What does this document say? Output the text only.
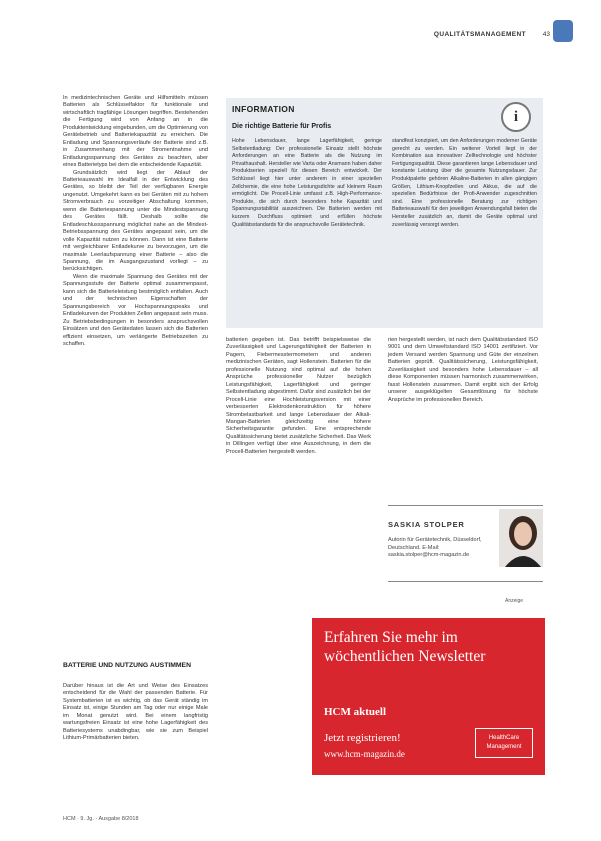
QUALITÄTSMANAGEMENT	43

In medizintechnischen Geräte und Hilfsmitteln müssen Batterien als Schlüsselfaktor für funktionale und wirtschaftlich tragfähige Lösungen begriffen. Bestehenden die Fertigung wird von Anfang an in die Produktentwicklung eingebunden, um die Optimierung von Gerätebetrieb und Batteriekapazität zu erreichen. Die Entladung und Spannungsverläufe der Batterie sind z.B. in Zusammenhang mit der Stromentnahme und Entladungsspannung des Gerätes zu beachten, aber eines Batterietyps bei dem die entscheidende Kapazität.

Grundsätzlich wird liegt der Ablauf der Batterieauswahl im Idealfall in der Entwicklung des Gerätes, so bleibt der Teil der verfügbaren Energie ungenutzt. Umgekehrt kann es bei Geräten mit zu hohem Stromverbrauch zu vorzeitiger Abschaltung kommen, wenn die Batteriespannung unter die Mindestspannung des Gerätes fällt. Deshalb sollte die Entladeschlussspannung möglichst nahe an die Mindest-Betriebsspannung des Gerätes angepasst sein, um die volle Kapazität nutzen zu können. Dann ist eine Batterie mit vergleichbarer Entladekurve zu bevorzugen, um die maximale Leerlaufspannung einer Batterie – also die Spannung, die im Ausgangszustand vorliegt – zu berücksichtigen.

Wenn die maximale Spannung des Gerätes mit der Spannungsstufe der Batterie optimal zusammenpasst, kann sich die Batterieleistung bestmöglich entfalten. Auch und der technischen Eigenschaften der Spannungsbereich vor Hochspannungspeaks und Entladekurven der Produkten Zellen angepasst sein muss. Zu Betriebsbedingungen in besonders anspruchsvollen Einsätzen und den Gerätedaten lassen sich die Batterien effizient einsetzen, um verlängerte Betriebszeiten zu schaffen.

BATTERIE UND NUTZUNG AUSTIMMEN
Darüber hinaus ist die Art und Weise des Einsatzes entscheidend für die Wahl der passenden Batterie. Für Systembatterien ist es wichtig, ob das Gerät ständig im Einsatz ist, einige Stunden am Tag oder nur einige Male im Monat genutzt wird. Bei einem langfristig wartungsfreien Einsatz ist eine hohe Lagerfähigkeit des Batteriesystems unabdingbar, wie sie zum Beispiel Lithium-Primärbatterien bieten.
INFORMATION	i
Die richtige Batterie für Profis
Hohe Lebensdauer, lange Lagerfähigkeit, geringe Selbstentladung: Der professionelle Einsatz stellt höchste Anforderungen an eine Batterie als die Nutzung im Privathaushalt. Hersteller wie Varta oder Ansmann haben daher Produktserien speziell für diesen Bereich entwickelt. Der Schlüssel liegt hier unter anderem in einer speziellen Zellchemie, die eine hohe Leistungsdichte auf kleinem Raum ermöglicht. Die Procell-Linie umfasst z.B. High-Performance-Produkte, die sich durch besonders hohe Kapazität und Spannungsstabilität auszeichnen. Die Batterien werden mit kurzem Durchfluss optimiert und erfüllen höchste Qualitätsstandards für die anspruchsvolle Gerätetechnik.
standfest konzipiert, um den Anforderungen moderner Geräte gerecht zu werden. Ein weiterer Vorteil liegt in der Kombination aus innovativer Zelltechnologie und höchster Fertigungsqualität. Diese garantieren lange Lebensdauer und konstante Leistung über die gesamte Nutzungsdauer. Zur Produktpalette gehören Alkaline-Batterien in allen gängigen Größen, Lithium-Knopfzellen und Akkus, die auf die speziellen Bedürfnisse der Profi-Anwender zugeschnitten sind. Eine professionelle Beratung zur richtigen Batterieauswahl für den jeweiligen Anwendungsfall bieten die Hersteller zusätzlich an, damit die Geräte optimal und zuverlässig versorgt werden.
batterien gegeben ist. Das betrifft beispielsweise die Zuverlässigkeit und Lagerungsfähigkeit der Batterien in Pagern, Fiebermesstermometern und anderen medizinischen Geräten, sagt Hollenstein. Batterien für die professionelle Nutzung sind optimal auf die hohen Ansprüche professioneller Nutzer bezüglich Leistungsfähigkeit, Lagerfähigkeit und geringer Selbstentladung abgestimmt. Dafür sind zusätzlich bei der Procell-Linie eine Hochleistungsversion mit einer verbesserten Elektrodenkonstruktion für höhere Strombelastbarkeit und lange Lebensdauer der Alkali-Mangan-Batterien gleichzeitig eine höhere Sicherheitsgarantie gefunden. Eine entsprechende Qualitätssicherung bietet zusätzliche Sicherheit. Das Werk in Dillingen verfügt über eine Auszeichnung, in dem die Procell-Batterien hergestellt werden.
rien hergestellt werden, ist nach dem Qualitätsstandard ISO 9001 und dem Umweltstandard ISO 14001 zertifiziert. Vor jedem Versand werden Spannung und Güte der einzelnen Batterien geprüft. Qualitätssicherung, Leistungsfähigkeit, Zuverlässigkeit und besonders hohe Lebensdauer – all diese Komponenten müssen harmonisch zusammenwirken, fasst Hollenstein zusammen. Damit ergibt sich der Erfolg unserer ausgeklügelten Gesamtlösung für höchste Ansprüche im professionellen Bereich.
SASKIA STOLPER
Autorin für Gerätetechnik, Düsseldorf, Deutschland. E-Mail: saskia.stolper@hcm-magazin.de
Anzeige
Erfahren Sie mehr im wöchentlichen Newsletter
HCM aktuell
Jetzt registrieren!
www.hcm-magazin.de
HealthCare Management
HCM · 9. Jg. · Ausgabe 8/2018
